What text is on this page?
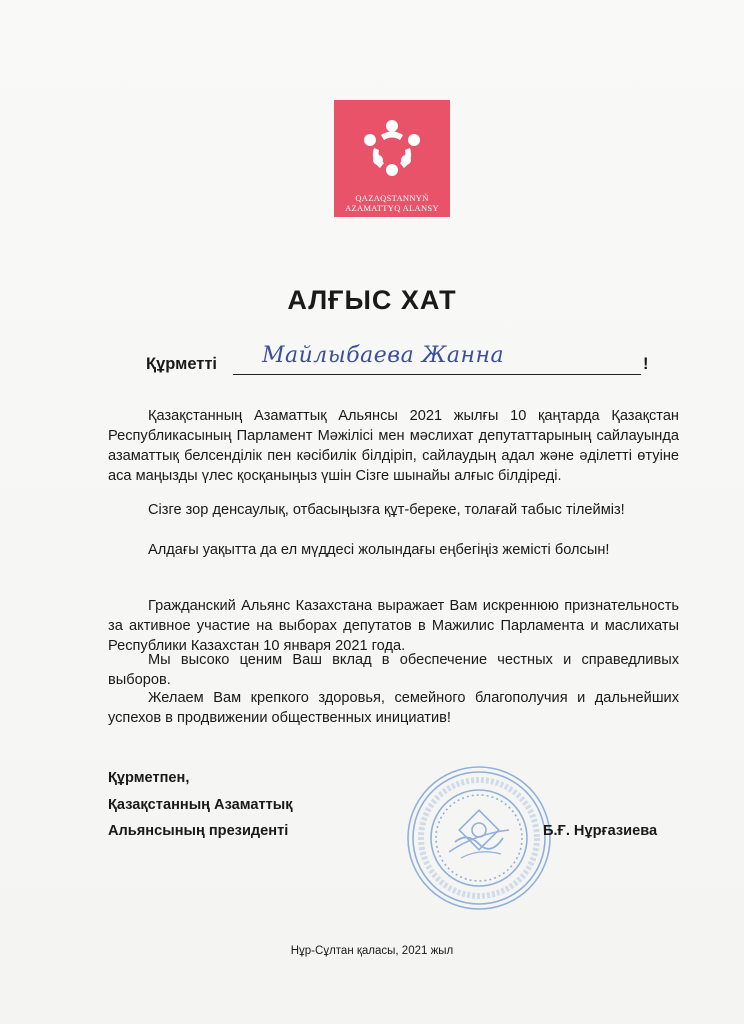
QAZAQSTANNYŃ
AZAMATTYQ ALANSY
АЛҒЫС ХАТ
Құрметті Майлыбаева Жанна	!
Қазақстанның Азаматтық Альянсы 2021 жылғы 10 қаңтарда Қазақстан Республикасының Парламент Мәжілісі мен мәслихат депутаттарының сайлауында азаматтық белсенділік пен кәсібилік білдіріп, сайлаудың адал және әділетті өтуіне аса маңызды үлес қосқаныңыз үшін Сізге шынайы алғыс білдіреді.
Сізге зор денсаулық, отбасыңызға құт-береке, толағай табыс тілейміз!
Алдағы уақытта да ел мүддесі жолындағы еңбегіңіз жемісті болсын!
Гражданский Альянс Казахстана выражает Вам искреннюю признательность за активное участие на выборах депутатов в Мажилис Парламента и маслихаты Республики Казахстан 10 января 2021 года.
Мы высоко ценим Ваш вклад в обеспечение честных и справедливых выборов.
Желаем Вам крепкого здоровья, семейного благополучия и дальнейших успехов в продвижении общественных инициатив!
Құрметпен,
Қазақстанның Азаматтық
Альянсының президенті	Б.Ғ. Нұрғазиева
Нұр-Сұлтан қаласы, 2021 жыл
